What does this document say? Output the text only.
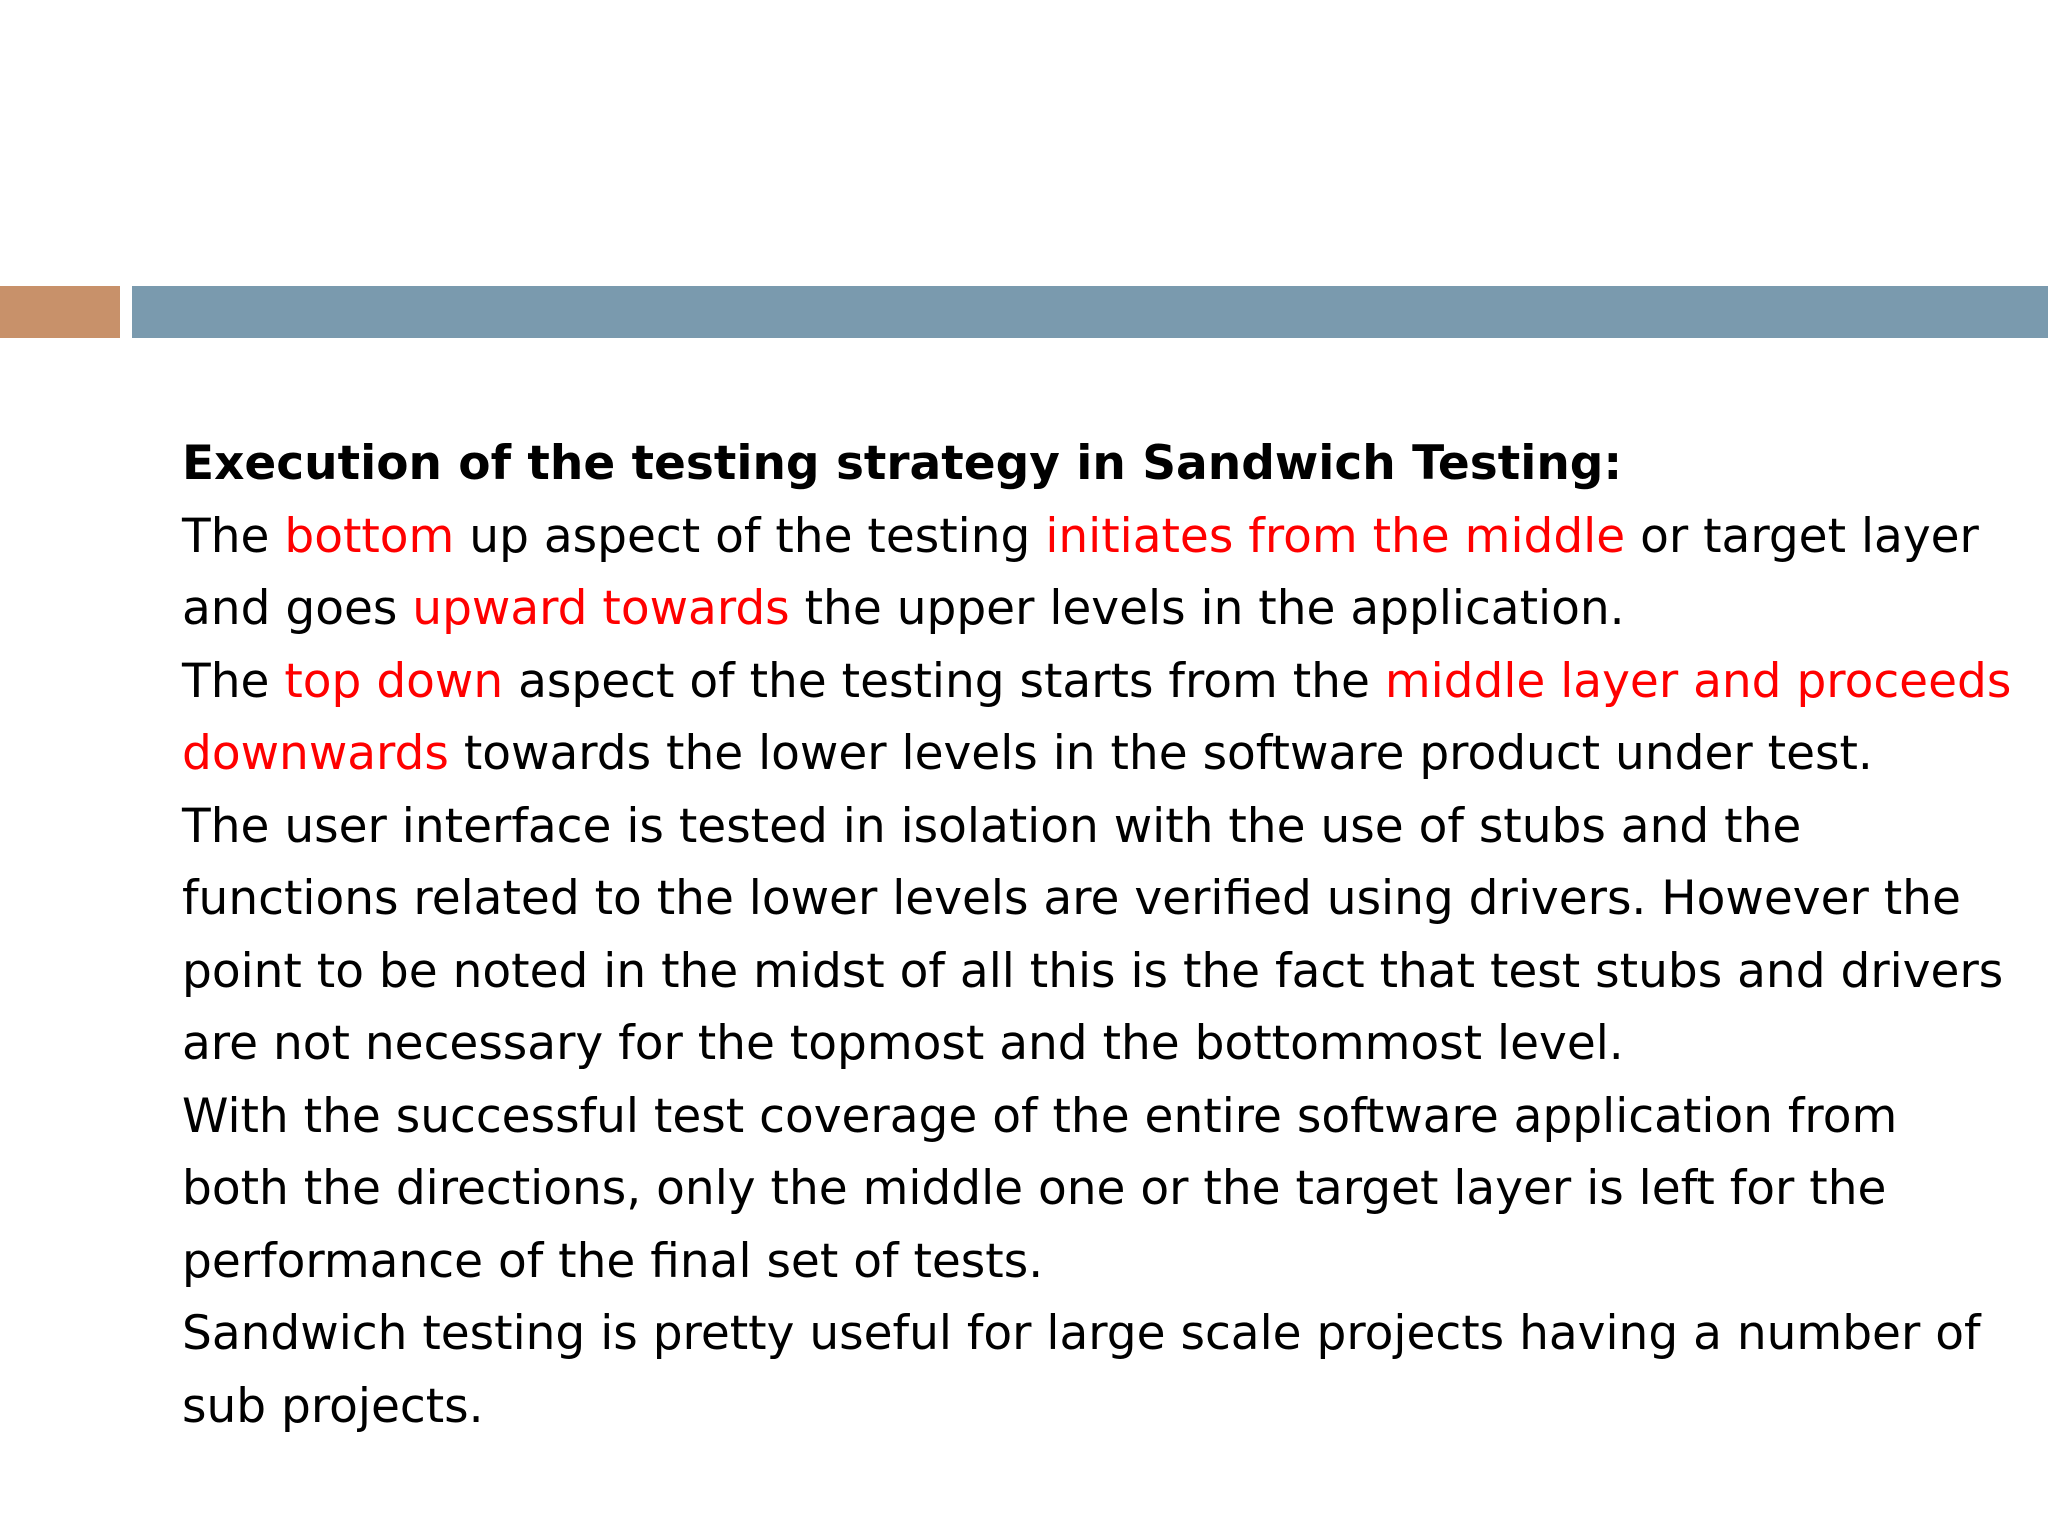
Execution of the testing strategy in Sandwich Testing:

The bottom up aspect of the testing initiates from the middle or target layer and goes upward towards the upper levels in the application.

The top down aspect of the testing starts from the middle layer and proceeds downwards towards the lower levels in the software product under test.

The user interface is tested in isolation with the use of stubs and the functions related to the lower levels are verified using drivers. However the point to be noted in the midst of all this is the fact that test stubs and drivers are not necessary for the topmost and the bottommost level.

With the successful test coverage of the entire software application from both the directions, only the middle one or the target layer is left for the performance of the final set of tests.

Sandwich testing is pretty useful for large scale projects having a number of sub projects.
